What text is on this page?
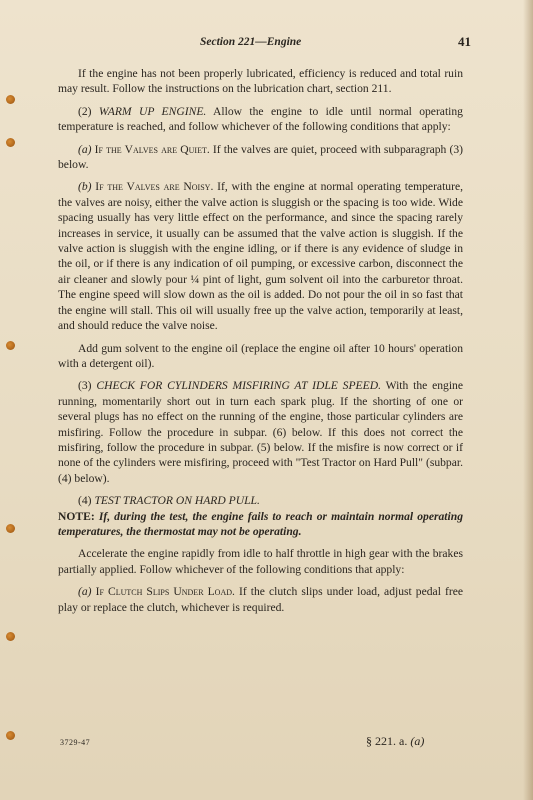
Section 221—Engine	41

If the engine has not been properly lubricated, efficiency is reduced and total ruin may result. Follow the instructions on the lubrication chart, section 211.

(2) WARM UP ENGINE. Allow the engine to idle until normal operating temperature is reached, and follow whichever of the following conditions that apply:

(a) If the Valves are Quiet. If the valves are quiet, proceed with subparagraph (3) below.

(b) If the Valves are Noisy. If, with the engine at normal operating temperature, the valves are noisy, either the valve action is sluggish or the spacing is too wide. Wide spacing usually has very little effect on the performance, and since the spacing rarely increases in service, it usually can be assumed that the valve action is sluggish. If the valve action is sluggish with the engine idling, or if there is any evidence of sludge in the oil, or if there is any indication of oil pumping, or excessive carbon, disconnect the air cleaner and slowly pour ¼ pint of light, gum solvent oil into the carburetor throat. The engine speed will slow down as the oil is added. Do not pour the oil in so fast that the engine will stall. This oil will usually free up the valve action, temporarily at least, and should reduce the valve noise.

Add gum solvent to the engine oil (replace the engine oil after 10 hours' operation with a detergent oil).

(3) CHECK FOR CYLINDERS MISFIRING AT IDLE SPEED. With the engine running, momentarily short out in turn each spark plug. If the shorting of one or several plugs has no effect on the running of the engine, those particular cylinders are misfiring. Follow the procedure in subpar. (6) below. If this does not correct the misfiring, follow the procedure in subpar. (5) below. If the misfire is now correct or if none of the cylinders were misfiring, proceed with "Test Tractor on Hard Pull" (subpar. (4) below).

(4) TEST TRACTOR ON HARD PULL.

NOTE: If, during the test, the engine fails to reach or maintain normal operating temperatures, the thermostat may not be operating.

Accelerate the engine rapidly from idle to half throttle in high gear with the brakes partially applied. Follow whichever of the following conditions that apply:

(a) If Clutch Slips Under Load. If the clutch slips under load, adjust pedal free play or replace the clutch, whichever is required.

3729-47	§ 221. a. (a)
